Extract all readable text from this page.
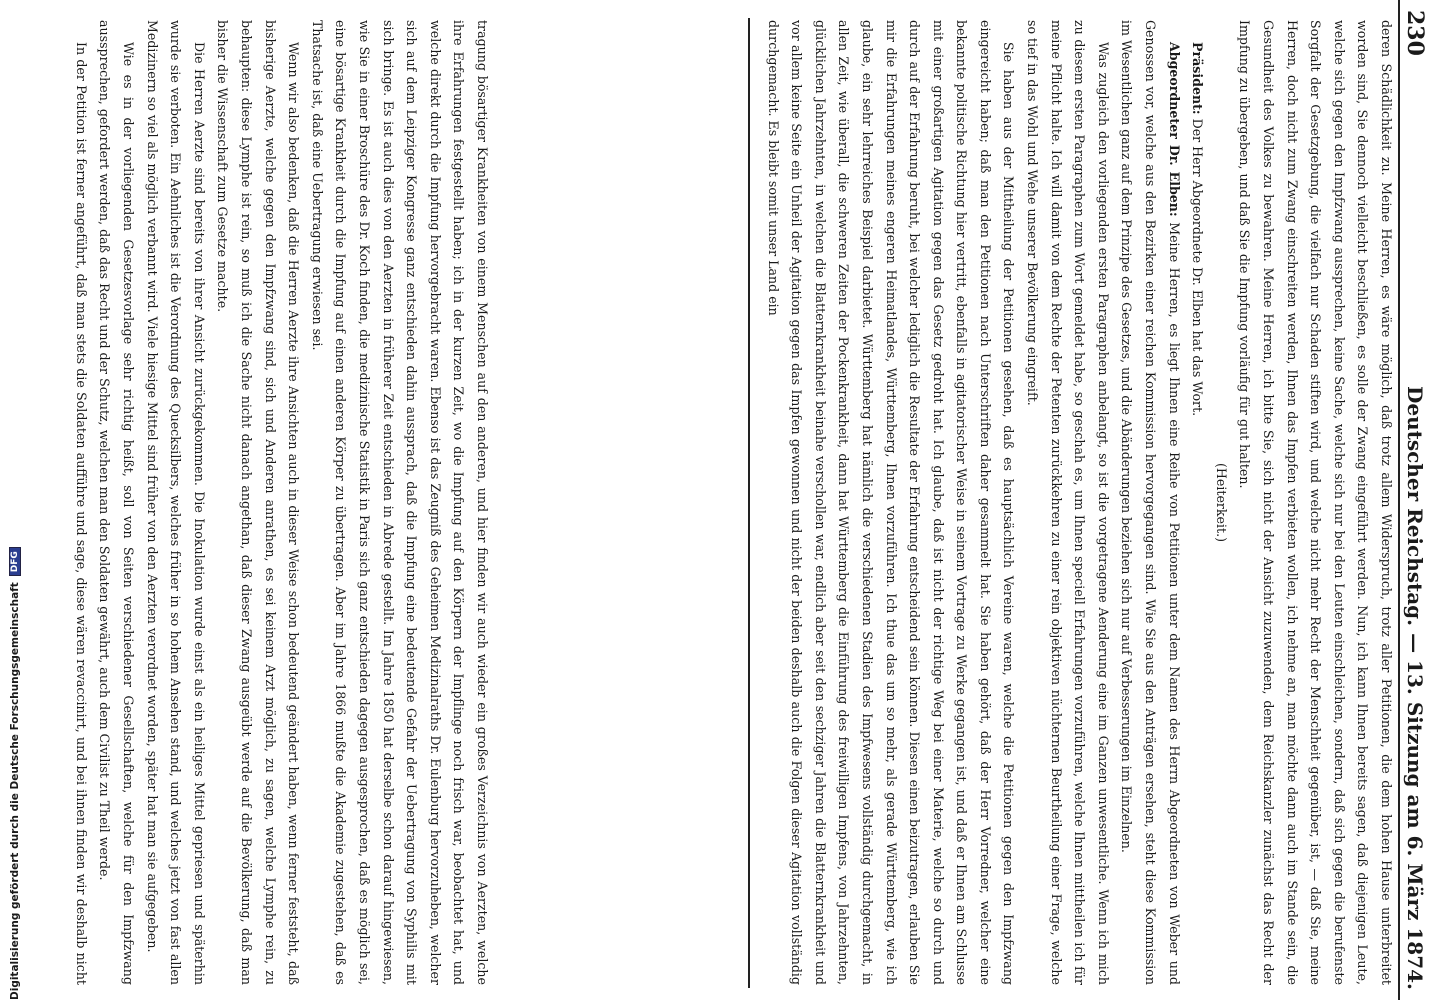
Digitalisierung gefördert durch die Deutsche Forschungsgemeinschaft
DFG	tragung bösartiger Krankheiten von einem Menschen auf den anderen, und hier finden wir auch wieder ein großes Verzeichnis von Aerzten, welche ihre Erfahrungen festgestellt haben; ich in der kurzen Zeit, wo die Impfung auf den Körpern der Impflinge noch frisch war, beobachtet hat, und welche direkt durch die Impfung hervorgebracht waren. Ebenso ist das Zeugniß des Geheimen Medizinalraths Dr. Eulenburg hervorzuheben, welcher sich auf dem Leipziger Kongresse ganz entschieden dahin aussprach, daß die Impfung eine bedeutende Gefahr der Uebertragung von Syphilis mit sich bringe. Es ist auch dies von den Aerzten in früherer Zeit entschieden in Abrede gestellt. Im Jahre 1850 hat derselbe schon darauf hingewiesen, wie Sie in einer Broschüre des Dr. Koch finden, die medizinische Statistik in Paris sich ganz entschieden dagegen ausgesprochen, daß es möglich sei, eine bösartige Krankheit durch die Impfung auf einen anderen Körper zu übertragen. Aber im Jahre 1866 mußte die Akademie zugestehen, daß es Thatsache ist, daß eine Uebertragung erwiesen sei.

Wenn wir also bedenken, daß die Herren Aerzte ihre Ansichten auch in dieser Weise schon bedeutend geändert haben, wenn ferner feststeht, daß bisherige Aerzte, welche gegen den Impfzwang sind, sich und Anderen anrathen, es sei keinem Arzt möglich, zu sagen, welche Lymphe rein, zu behaupten: diese Lymphe ist rein, so muß ich die Sache nicht danach angethan, daß dieser Zwang ausgeübt werde auf die Bevölkerung, daß man bisher die Wissenschaft zum Gesetze machte.

Die Herren Aerzte sind bereits von ihrer Ansicht zurückgekommen. Die Inokulation wurde einst als ein heiliges Mittel gepriesen und späterhin wurde sie verboten. Ein Aehnliches ist die Verordnung des Quecksilbers, welches früher in so hohem Ansehen stand, und welches jetzt von fast allen Medizinern so viel als möglich verbannt wird. Viele hiesige Mittel sind früher von den Aerzten verordnet worden, später hat man sie aufgegeben.

Wie es in der vorliegenden Gesetzesvorlage sehr richtig heißt, soll von Seiten verschiedener Gesellschaften, welche für den Impfzwang aussprechen, gefordert werden, daß das Recht und der Schutz, welchen man den Soldaten gewährt, auch dem Civilist zu Theil werde.

In der Petition ist ferner angeführt, daß man stets die Soldaten aufführe und sage, diese wären revaccinirt, und bei ihnen finden wir deshalb nicht	deren Schädlichkeit zu. Meine Herren, es wäre möglich, daß trotz allem Widerspruch, trotz aller Petitionen, die dem hohen Hause unterbreitet worden sind, Sie dennoch vielleicht beschließen, es solle der Zwang eingeführt werden. Nun, ich kann Ihnen bereits sagen, daß diejenigen Leute, welche sich gegen den Impfzwang aussprechen, keine Sache, welche sich nur bei den Leuten einschleichen, sondern, daß sich gegen die berufenste Sorgfalt der Gesetzgebung, die vielfach nur Schaden stiften wird, und welche nicht mehr Recht der Menschheit gegenüber, ist, — daß Sie, meine Herren, doch nicht zum Zwang einschreiten werden, Ihnen das Impfen verbieten wollen, ich nehme an, man möchte dann auch im Stande sein, die Gesundheit des Volkes zu bewahren. Meine Herren, ich bitte Sie, sich nicht der Ansicht zuzuwenden, dem Reichskanzler zunächst das Recht der Impfung zu übergeben, und daß Sie die Impfung vorläufig für gut halten.

(Heiterkeit.)

Präsident: Der Herr Abgeordnete Dr. Elben hat das Wort.

Abgeordneter Dr. Elben: Meine Herren, es liegt Ihnen eine Reihe von Petitionen unter dem Namen des Herrn Abgeordneten von Weber und Genossen vor, welche aus den Bezirken einer reichen Kommission hervorgegangen sind. Wie Sie aus den Anträgen ersehen, steht diese Kommission im Wesentlichen ganz auf dem Prinzipe des Gesetzes, und die Abänderungen beziehen sich nur auf Verbesserungen im Einzelnen.

Was zugleich den vorliegenden ersten Paragraphen anbelangt, so ist die vorgetragene Aenderung eine im Ganzen unwesentliche. Wenn ich mich zu diesem ersten Paragraphen zum Wort gemeldet habe, so geschah es, um Ihnen speciell Erfahrungen vorzuführen, welche Ihnen mittheilen ich für meine Pflicht halte. Ich will damit von dem Rechte der Petenten zurückkehren zu einer rein objektiven nüchternen Beurtheilung einer Frage, welche so tief in das Wohl und Wehe unserer Bevölkerung eingreift.

Sie haben aus der Mittheilung der Petitionen gesehen, daß es hauptsächlich Vereine waren, welche die Petitionen gegen den Impfzwang eingereicht haben; daß man den Petitionen nach Unterschriften daher gesammelt hat. Sie haben gehört, daß der Herr Vorredner, welcher eine bekannte politische Richtung hier vertritt, ebenfalls in agitatorischer Weise in seinem Vortrage zu Werke gegangen ist, und daß er Ihnen am Schlusse mit einer großartigen Agitation gegen das Gesetz gedroht hat. Ich glaube, daß ist nicht der richtige Weg bei einer Materie, welche so durch und durch auf der Erfahrung beruht, bei welcher lediglich die Resultate der Erfahrung entscheidend sein können. Diesen einen beizutragen, erlauben Sie mir die Erfahrungen meines engeren Heimatlandes, Württemberg, Ihnen vorzuführen. Ich thue das um so mehr, als gerade Württemberg, wie ich glaube, ein sehr lehrreiches Beispiel darbietet. Württemberg hat nämlich die verschiedenen Stadien des Impfwesens vollständig durchgemacht, in allen Zeit, wie überall, die schweren Zeiten der Pockenkrankheit, dann hat Württemberg die Einführung des freiwilligen Impfens, von Jahrzehnten, glücklichen Jahrzehnten, in welchen die Blatternkrankheit beinahe verschollen war, endlich aber seit den sechziger Jahren die Blatternkrankheit und vor allem keine Seite ein Unheil der Agitation gegen das Impfen gewonnen und nicht der beiden deshalb auch die Folgen dieser Agitation vollständig durchgemacht. Es bleibt somit unser Land ein	230
Deutscher Reichstag. — 13. Sitzung am 6. März 1874.
